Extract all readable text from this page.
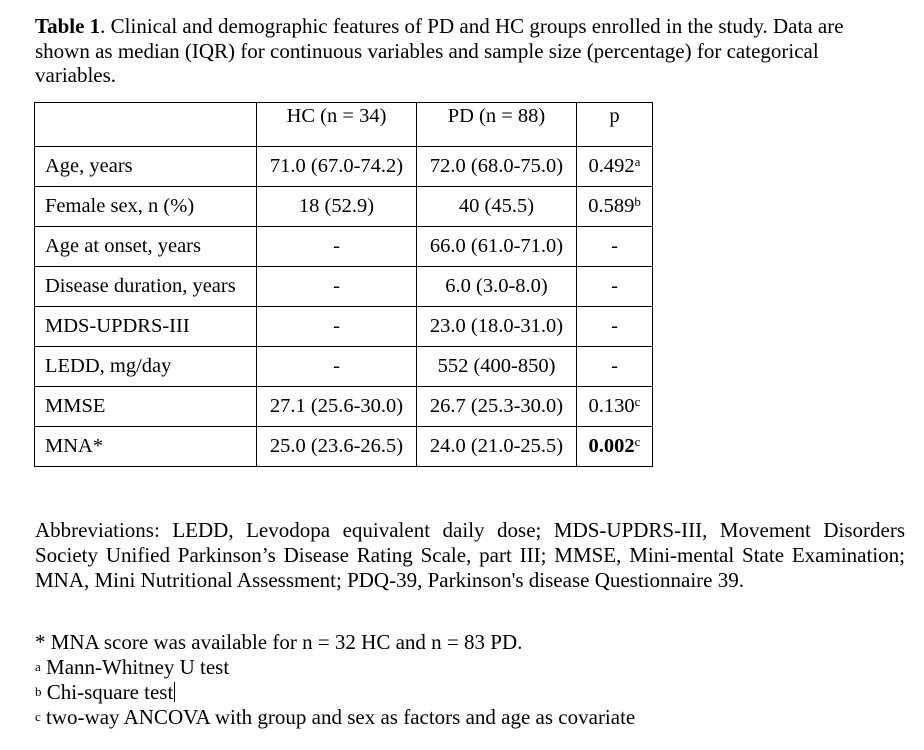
Table 1. Clinical and demographic features of PD and HC groups enrolled in the study. Data are shown as median (IQR) for continuous variables and sample size (percentage) for categorical variables.
	HC (n = 34)	PD (n = 88)	p
Age, years	71.0 (67.0-74.2)	72.0 (68.0-75.0)	0.492$^a$
Female sex, n (%)	18 (52.9)	40 (45.5)	0.589$^b$
Age at onset, years	-	66.0 (61.0-71.0)	-
Disease duration, years	-	6.0 (3.0-8.0)	-
MDS-UPDRS-III	-	23.0 (18.0-31.0)	-
LEDD, mg/day	-	552 (400-850)	-
MMSE	27.1 (25.6-30.0)	26.7 (25.3-30.0)	0.130$^c$
MNA*	25.0 (23.6-26.5)	24.0 (21.0-25.5)	0.002$^c$
Abbreviations: LEDD, Levodopa equivalent daily dose; MDS-UPDRS-III, Movement Disorders Society Unified Parkinson’s Disease Rating Scale, part III; MMSE, Mini-mental State Examination; MNA, Mini Nutritional Assessment; PDQ-39, Parkinson's disease Questionnaire 39.
* MNA score was available for n = 32 HC and n = 83 PD.
$^a$ Mann-Whitney U test
$^b$ Chi-square test
$^c$ two-way ANCOVA with group and sex as factors and age as covariate
